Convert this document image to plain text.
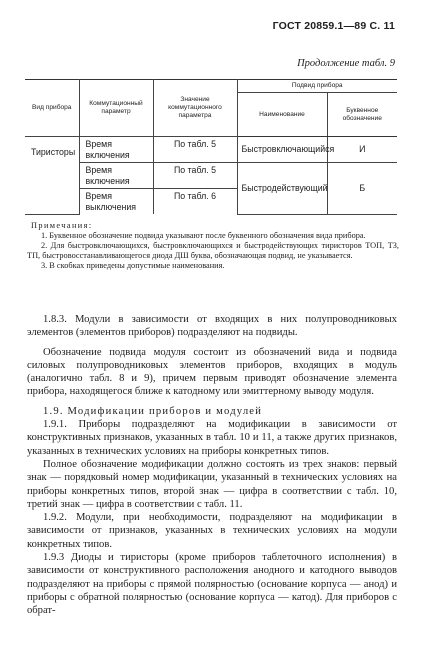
ГОСТ 20859.1—89 С. 11
Продолжение табл. 9
Вид прибора	Коммутационный параметр	Значение коммутационного параметра	Подвид прибора	
			Наименование	Буквенное обозначение
Тиристоры	Время включения	По табл. 5	Быстровключающийся	И
	Время включения	По табл. 5	Быстродействующий	Б
	Время выключения	По табл. 6		
Примечания:
1. Буквенное обозначение подвида указывают после буквенного обозначения вида прибора.
2. Для быстровключающихся, быстровключающихся и быстродействующих тиристоров ТОП, ТЗ, ТП, быстровосстанавливающегося диода ДШ буква, обозначающая подвид, не указывается.
3. В скобках приведены допустимые наименования.

1.8.3. Модули в зависимости от входящих в них полупроводниковых элементов (элементов приборов) подразделяют на подвиды.

Обозначение подвида модуля состоит из обозначений вида и подвида силовых полупроводниковых элементов приборов, входящих в модуль (аналогично табл. 8 и 9), причем первым приводят обозначение элемента прибора, находящегося ближе к катодному или эмиттерному выводу модуля.

1.9. Модификации приборов и модулей

1.9.1. Приборы подразделяют на модификации в зависимости от конструктивных признаков, указанных в табл. 10 и 11, а также других признаков, указанных в технических условиях на приборы конкретных типов.

Полное обозначение модификации должно состоять из трех знаков: первый знак — порядковый номер модификации, указанный в технических условиях на приборы конкретных типов, второй знак — цифра в соответствии с табл. 10, третий знак — цифра в соответствии с табл. 11.

1.9.2. Модули, при необходимости, подразделяют на модификации в зависимости от признаков, указанных в технических условиях на модули конкретных типов.

1.9.3 Диоды и тиристоры (кроме приборов таблеточного исполнения) в зависимости от конструктивного расположения анодного и катодного выводов подразделяют на приборы с прямой полярностью (основание корпуса — анод) и приборы с обратной полярностью (основание корпуса — катод). Для приборов с обрат-
